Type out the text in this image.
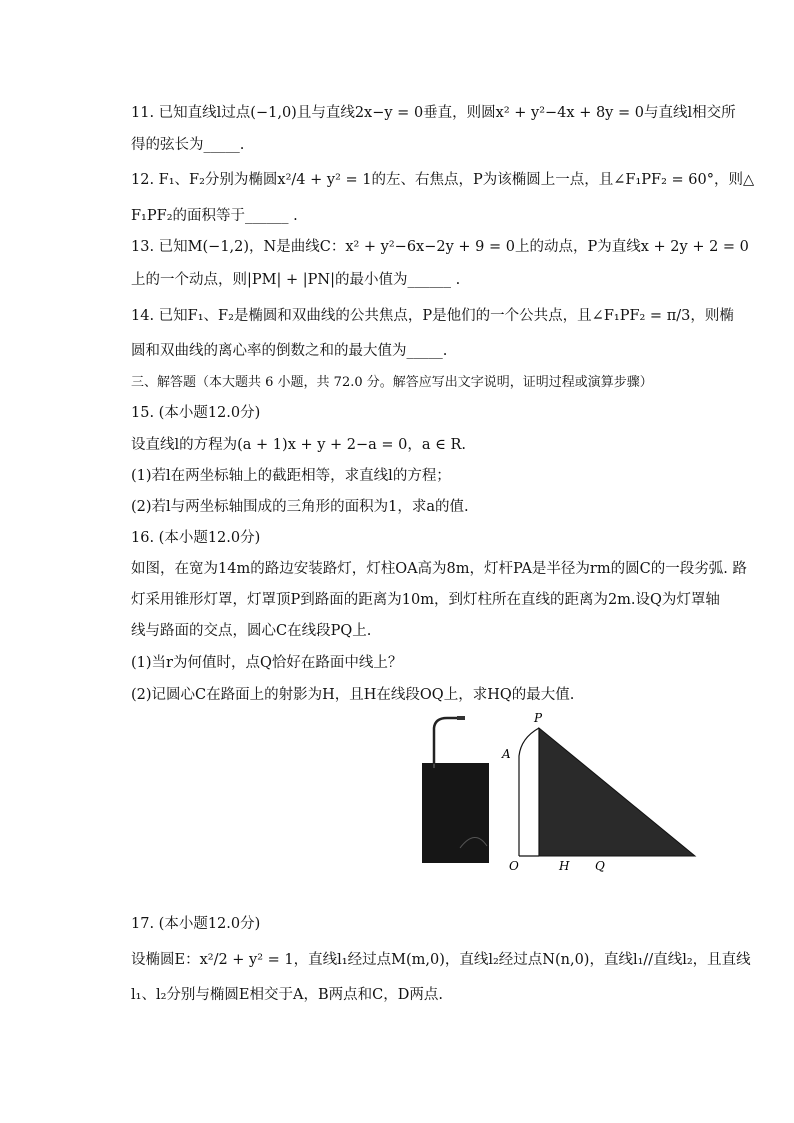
11. 已知直线l过点(−1,0)且与直线2x−y = 0垂直，则圆x² + y²−4x + 8y = 0与直线l相交所
得的弦长为_____.
12. F₁、F₂分别为椭圆x²/4 + y² = 1的左、右焦点，P为该椭圆上一点，且∠F₁PF₂ = 60°，则△
F₁PF₂的面积等于______ .
13. 已知M(−1,2)，N是曲线C：x² + y²−6x−2y + 9 = 0上的动点，P为直线x + 2y + 2 = 0
上的一个动点，则|PM| + |PN|的最小值为______ .
14. 已知F₁、F₂是椭圆和双曲线的公共焦点，P是他们的一个公共点，且∠F₁PF₂ = π/3，则椭
圆和双曲线的离心率的倒数之和的最大值为_____.
三、解答题（本大题共 6 小题，共 72.0 分。解答应写出文字说明，证明过程或演算步骤）
15. (本小题12.0分)
设直线l的方程为(a + 1)x + y + 2−a = 0，a ∈ R.
(1)若l在两坐标轴上的截距相等，求直线l的方程；
(2)若l与两坐标轴围成的三角形的面积为1，求a的值.
16. (本小题12.0分)
如图，在宽为14m的路边安装路灯，灯柱OA高为8m，灯杆PA是半径为rm的圆C的一段劣弧. 路
灯采用锥形灯罩，灯罩顶P到路面的距离为10m，到灯柱所在直线的距离为2m.设Q为灯罩轴
线与路面的交点，圆心C在线段PQ上.
(1)当r为何值时，点Q恰好在路面中线上？
(2)记圆心C在路面上的射影为H，且H在线段OQ上，求HQ的最大值.
P
A
O	H Q
17. (本小题12.0分)
设椭圆E：x²/2 + y² = 1，直线l₁经过点M(m,0)，直线l₂经过点N(n,0)，直线l₁//直线l₂，且直线
l₁、l₂分别与椭圆E相交于A，B两点和C，D两点.
